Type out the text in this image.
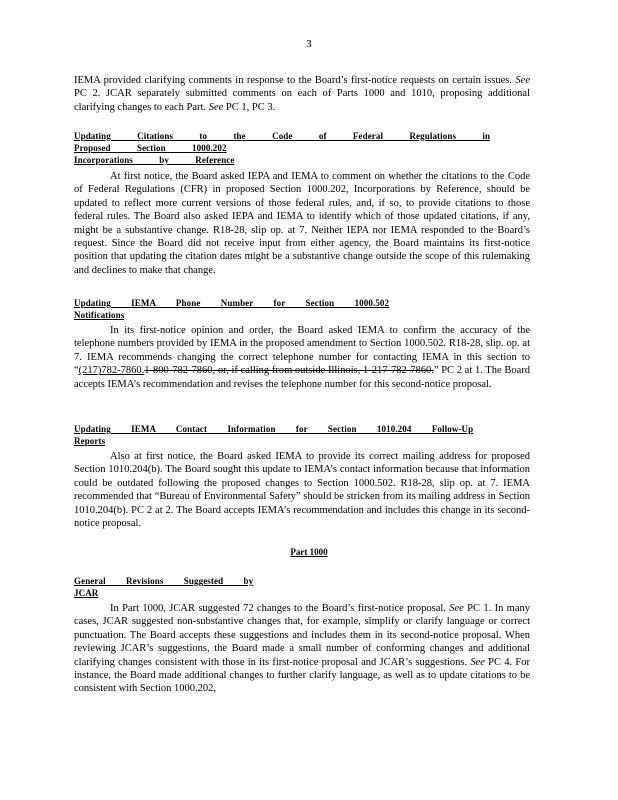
3

IEMA provided clarifying comments in response to the Board’s first-notice requests on certain issues. See PC 2. JCAR separately submitted comments on each of Parts 1000 and 1010, proposing additional clarifying changes to each Part. See PC 1, PC 3.

Updating Citations to the Code of Federal Regulations in Proposed Section 1000.202
Incorporations by Reference

At first notice, the Board asked IEPA and IEMA to comment on whether the citations to the Code of Federal Regulations (CFR) in proposed Section 1000.202, Incorporations by Reference, should be updated to reflect more current versions of those federal rules, and, if so, to provide citations to those federal rules. The Board also asked IEPA and IEMA to identify which of those updated citations, if any, might be a substantive change. R18-28, slip op. at 7. Neither IEPA nor IEMA responded to the Board’s request. Since the Board did not receive input from either agency, the Board maintains its first-notice position that updating the citation dates might be a substantive change outside the scope of this rulemaking and declines to make that change.

Updating IEMA Phone Number for Section 1000.502 Notifications

In its first-notice opinion and order, the Board asked IEMA to confirm the accuracy of the telephone numbers provided by IEMA in the proposed amendment to Section 1000.502. R18-28, slip. op. at 7. IEMA recommends changing the correct telephone number for contacting IEMA in this section to “(217)782-7860.1-800-782-7860, or, if calling from outside Illinois, 1-217-782-7860.” PC 2 at 1. The Board accepts IEMA’s recommendation and revises the telephone number for this second-notice proposal.

Updating IEMA Contact Information for Section 1010.204 Follow-Up Reports

Also at first notice, the Board asked IEMA to provide its correct mailing address for proposed Section 1010.204(b). The Board sought this update to IEMA’s contact information because that information could be outdated following the proposed changes to Section 1000.502. R18-28, slip op. at 7. IEMA recommended that “Bureau of Environmental Safety” should be stricken from its mailing address in Section 1010.204(b). PC 2 at 2. The Board accepts IEMA’s recommendation and includes this change in its second-notice proposal.

Part 1000
General Revisions Suggested by JCAR

In Part 1000, JCAR suggested 72 changes to the Board’s first-notice proposal. See PC 1. In many cases, JCAR suggested non-substantive changes that, for example, simplify or clarify language or correct punctuation. The Board accepts these suggestions and includes them in its second-notice proposal. When reviewing JCAR’s suggestions, the Board made a small number of conforming changes and additional clarifying changes consistent with those in its first-notice proposal and JCAR’s suggestions. See PC 4. For instance, the Board made additional changes to further clarify language, as well as to update citations to be consistent with Section 1000.202,
